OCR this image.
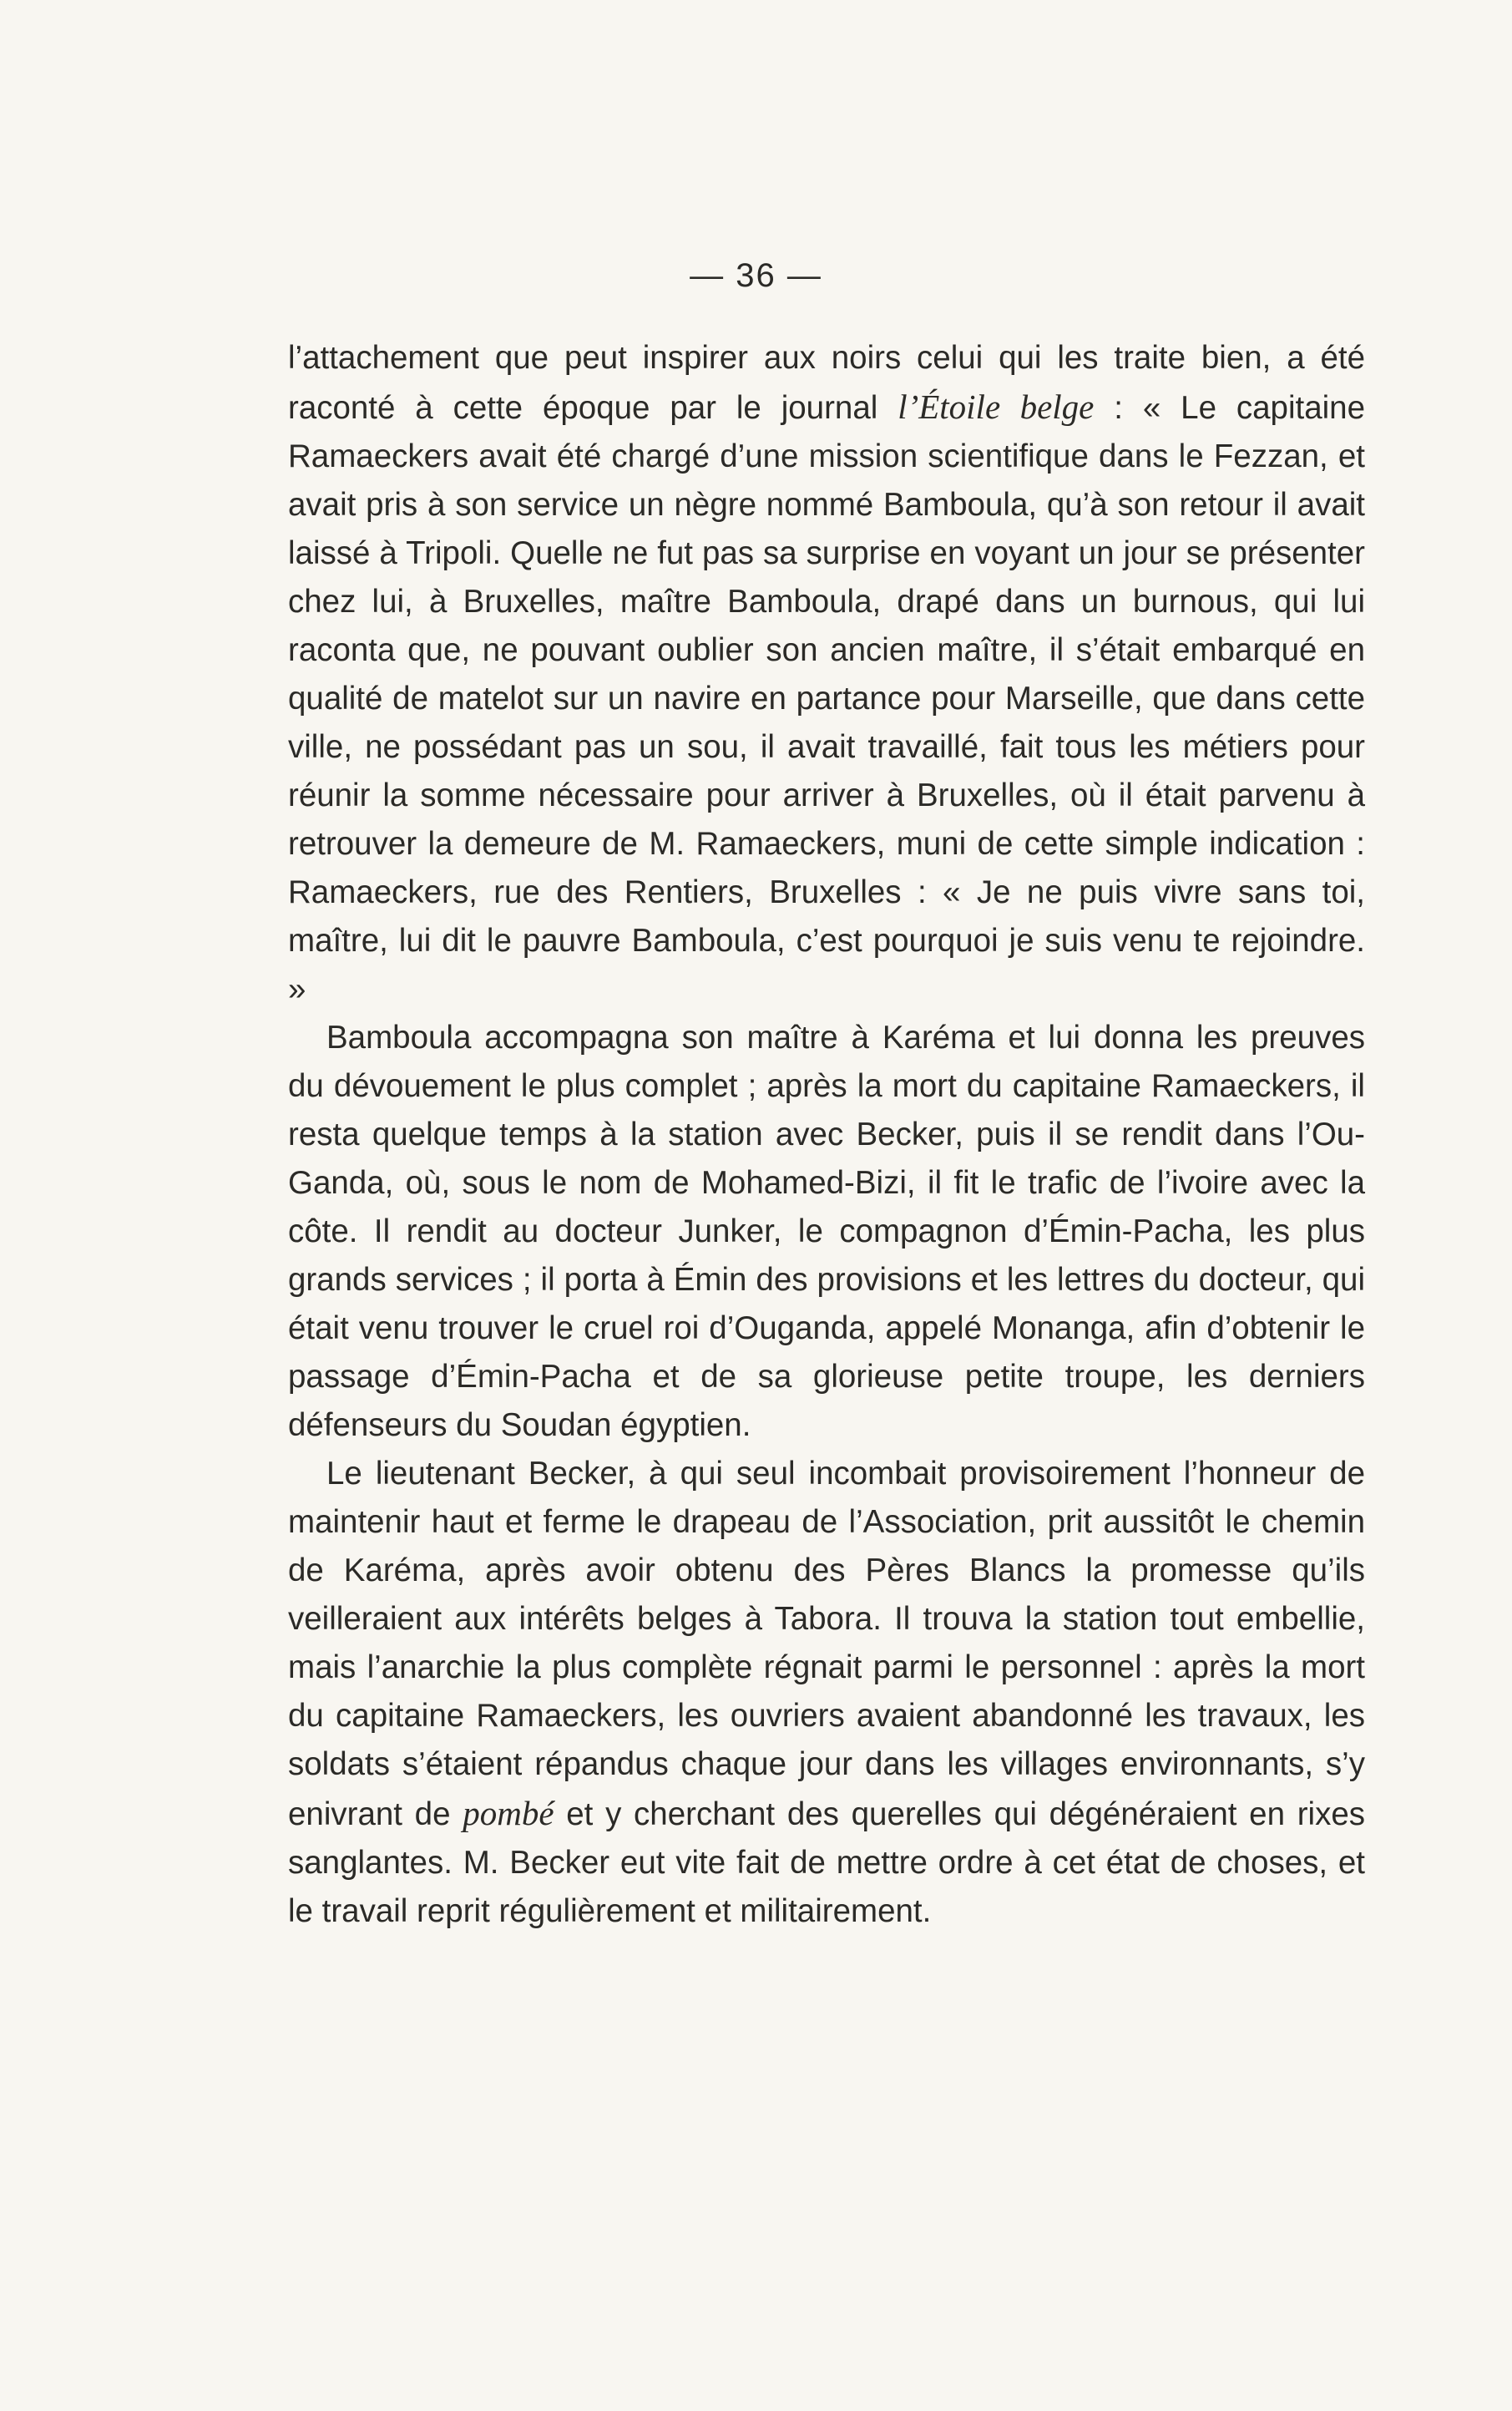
— 36 —

l’attachement que peut inspirer aux noirs celui qui les traite bien, a été raconté à cette époque par le journal l’Étoile belge : « Le capitaine Ramaeckers avait été chargé d’une mission scientifique dans le Fezzan, et avait pris à son service un nègre nommé Bamboula, qu’à son retour il avait laissé à Tripoli. Quelle ne fut pas sa surprise en voyant un jour se présenter chez lui, à Bruxelles, maître Bamboula, drapé dans un burnous, qui lui raconta que, ne pouvant oublier son ancien maître, il s’était embarqué en qualité de matelot sur un navire en partance pour Marseille, que dans cette ville, ne possédant pas un sou, il avait travaillé, fait tous les métiers pour réunir la somme nécessaire pour arriver à Bruxelles, où il était parvenu à retrouver la demeure de M. Ramaeckers, muni de cette simple indication : Ramaeckers, rue des Rentiers, Bruxelles : « Je ne puis vivre sans toi, maître, lui dit le pauvre Bamboula, c’est pourquoi je suis venu te rejoindre. »

Bamboula accompagna son maître à Karéma et lui donna les preuves du dévouement le plus complet ; après la mort du capitaine Ramaeckers, il resta quelque temps à la station avec Becker, puis il se rendit dans l’Ou-Ganda, où, sous le nom de Mohamed-Bizi, il fit le trafic de l’ivoire avec la côte. Il rendit au docteur Junker, le compagnon d’Émin-Pacha, les plus grands services ; il porta à Émin des provisions et les lettres du docteur, qui était venu trouver le cruel roi d’Ouganda, appelé Monanga, afin d’obtenir le passage d’Émin-Pacha et de sa glorieuse petite troupe, les derniers défenseurs du Soudan égyptien.

Le lieutenant Becker, à qui seul incombait provisoirement l’honneur de maintenir haut et ferme le drapeau de l’Association, prit aussitôt le chemin de Karéma, après avoir obtenu des Pères Blancs la promesse qu’ils veilleraient aux intérêts belges à Tabora. Il trouva la station tout embellie, mais l’anarchie la plus complète régnait parmi le personnel : après la mort du capitaine Ramaeckers, les ouvriers avaient abandonné les travaux, les soldats s’étaient répandus chaque jour dans les villages environnants, s’y enivrant de pombé et y cherchant des querelles qui dégénéraient en rixes sanglantes. M. Becker eut vite fait de mettre ordre à cet état de choses, et le travail reprit régulièrement et militairement.
